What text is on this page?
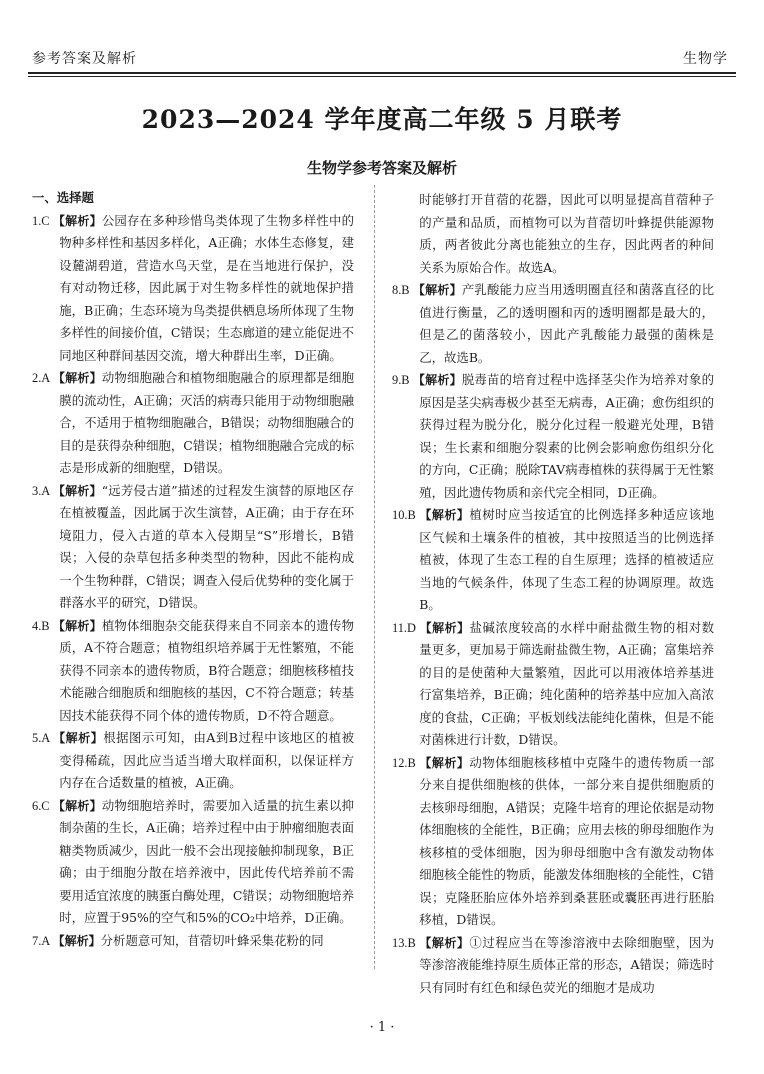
参考答案及解析	生物学
2023—2024 学年度高二年级 5 月联考
生物学参考答案及解析

一、选择题

1.C 【解析】公园存在多种珍惜鸟类体现了生物多样性中的物种多样性和基因多样化，A正确；水体生态修复，建设麓湖碧道，营造水鸟天堂，是在当地进行保护，没有对动物迁移，因此属于对生物多样性的就地保护措施，B正确；生态环境为鸟类提供栖息场所体现了生物多样性的间接价值，C错误；生态廊道的建立能促进不同地区种群间基因交流，增大种群出生率，D正确。

2.A 【解析】动物细胞融合和植物细胞融合的原理都是细胞膜的流动性，A正确；灭活的病毒只能用于动物细胞融合，不适用于植物细胞融合，B错误；动物细胞融合的目的是获得杂种细胞，C错误；植物细胞融合完成的标志是形成新的细胞壁，D错误。

3.A 【解析】“远芳侵古道”描述的过程发生演替的原地区存在植被覆盖，因此属于次生演替，A正确；由于存在环境阻力，侵入古道的草本入侵期呈“S”形增长，B错误；入侵的杂草包括多种类型的物种，因此不能构成一个生物种群，C错误；调查入侵后优势种的变化属于群落水平的研究，D错误。

4.B 【解析】植物体细胞杂交能获得来自不同亲本的遗传物质，A不符合题意；植物组织培养属于无性繁殖，不能获得不同亲本的遗传物质，B符合题意；细胞核移植技术能融合细胞质和细胞核的基因，C不符合题意；转基因技术能获得不同个体的遗传物质，D不符合题意。

5.A 【解析】根据图示可知，由A到B过程中该地区的植被变得稀疏，因此应当适当增大取样面积，以保证样方内存在合适数量的植被，A正确。

6.C 【解析】动物细胞培养时，需要加入适量的抗生素以抑制杂菌的生长，A正确；培养过程中由于肿瘤细胞表面糖类物质减少，因此一般不会出现接触抑制现象，B正确；由于细胞分散在培养液中，因此传代培养前不需要用适宜浓度的胰蛋白酶处理，C错误；动物细胞培养时，应置于95%的空气和5%的CO₂中培养，D正确。

7.A 【解析】分析题意可知，苜蓿切叶蜂采集花粉的同

时能够打开苜蓿的花器，因此可以明显提高苜蓿种子的产量和品质，而植物可以为苜蓿切叶蜂提供能源物质，两者彼此分离也能独立的生存，因此两者的种间关系为原始合作。故选A。

8.B 【解析】产乳酸能力应当用透明圈直径和菌落直径的比值进行衡量，乙的透明圈和丙的透明圈都是最大的，但是乙的菌落较小，因此产乳酸能力最强的菌株是乙，故选B。

9.B 【解析】脱毒苗的培育过程中选择茎尖作为培养对象的原因是茎尖病毒极少甚至无病毒，A正确；愈伤组织的获得过程为脱分化，脱分化过程一般避光处理，B错误；生长素和细胞分裂素的比例会影响愈伤组织分化的方向，C正确；脱除TAV病毒植株的获得属于无性繁殖，因此遗传物质和亲代完全相同，D正确。

10.B 【解析】植树时应当按适宜的比例选择多种适应该地区气候和土壤条件的植被，其中按照适当的比例选择植被，体现了生态工程的自生原理；选择的植被适应当地的气候条件，体现了生态工程的协调原理。故选B。

11.D 【解析】盐碱浓度较高的水样中耐盐微生物的相对数量更多，更加易于筛选耐盐微生物，A正确；富集培养的目的是使菌种大量繁殖，因此可以用液体培养基进行富集培养，B正确；纯化菌种的培养基中应加入高浓度的食盐，C正确；平板划线法能纯化菌株，但是不能对菌株进行计数，D错误。

12.B 【解析】动物体细胞核移植中克隆牛的遗传物质一部分来自提供细胞核的供体，一部分来自提供细胞质的去核卵母细胞，A错误；克隆牛培育的理论依据是动物体细胞核的全能性，B正确；应用去核的卵母细胞作为核移植的受体细胞，因为卵母细胞中含有激发动物体细胞核全能性的物质，能激发体细胞核的全能性，C错误；克隆胚胎应体外培养到桑葚胚或囊胚再进行胚胎移植，D错误。

13.B 【解析】①过程应当在等渗溶液中去除细胞壁，因为等渗溶液能维持原生质体正常的形态，A错误；筛选时只有同时有红色和绿色荧光的细胞才是成功

· 1 ·
